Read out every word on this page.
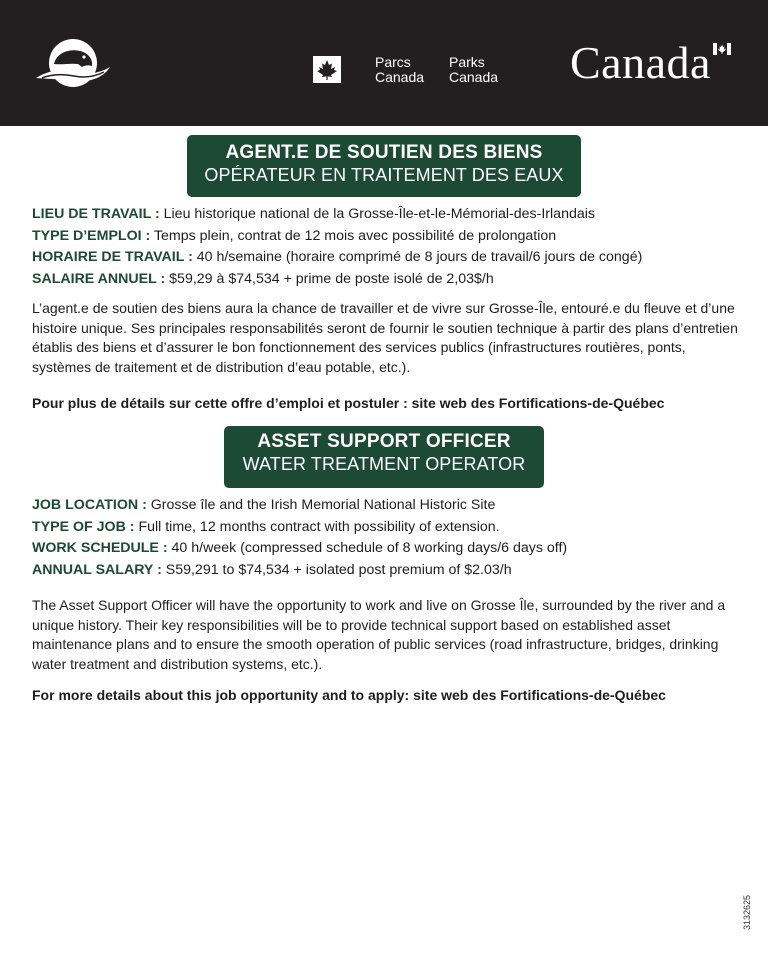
Parcs
Canada
Parks
Canada Canada
AGENT.E DE SOUTIEN DES BIENS
OPÉRATEUR EN TRAITEMENT DES EAUX
LIEU DE TRAVAIL : Lieu historique national de la Grosse-Île-et-le-Mémorial-des-Irlandais
TYPE D’EMPLOI : Temps plein, contrat de 12 mois avec possibilité de prolongation
HORAIRE DE TRAVAIL : 40 h/semaine (horaire comprimé de 8 jours de travail/6 jours de congé)
SALAIRE ANNUEL : $59,29 à $74,534 + prime de poste isolé de 2,03$/h

L’agent.e de soutien des biens aura la chance de travailler et de vivre sur Grosse-Île, entouré.e du fleuve et d’une histoire unique. Ses principales responsabilités seront de fournir le soutien technique à partir des plans d’entretien établis des biens et d’assurer le bon fonctionnement des services publics (infrastructures routières, ponts, systèmes de traitement et de distribution d’eau potable, etc.).

Pour plus de détails sur cette offre d’emploi et postuler : site web des Fortifications-de-Québec

ASSET SUPPORT OFFICER
WATER TREATMENT OPERATOR
JOB LOCATION : Grosse île and the Irish Memorial National Historic Site
TYPE OF JOB : Full time, 12 months contract with possibility of extension.
WORK SCHEDULE : 40 h/week (compressed schedule of 8 working days/6 days off)
ANNUAL SALARY : S59,291 to $74,534 + isolated post premium of $2.03/h

The Asset Support Officer will have the opportunity to work and live on Grosse Île, surrounded by the river and a unique history. Their key responsibilities will be to provide technical support based on established asset maintenance plans and to ensure the smooth operation of public services (road infrastructure, bridges, drinking water treatment and distribution systems, etc.).

For more details about this job opportunity and to apply: site web des Fortifications-de-Québec

3132625
